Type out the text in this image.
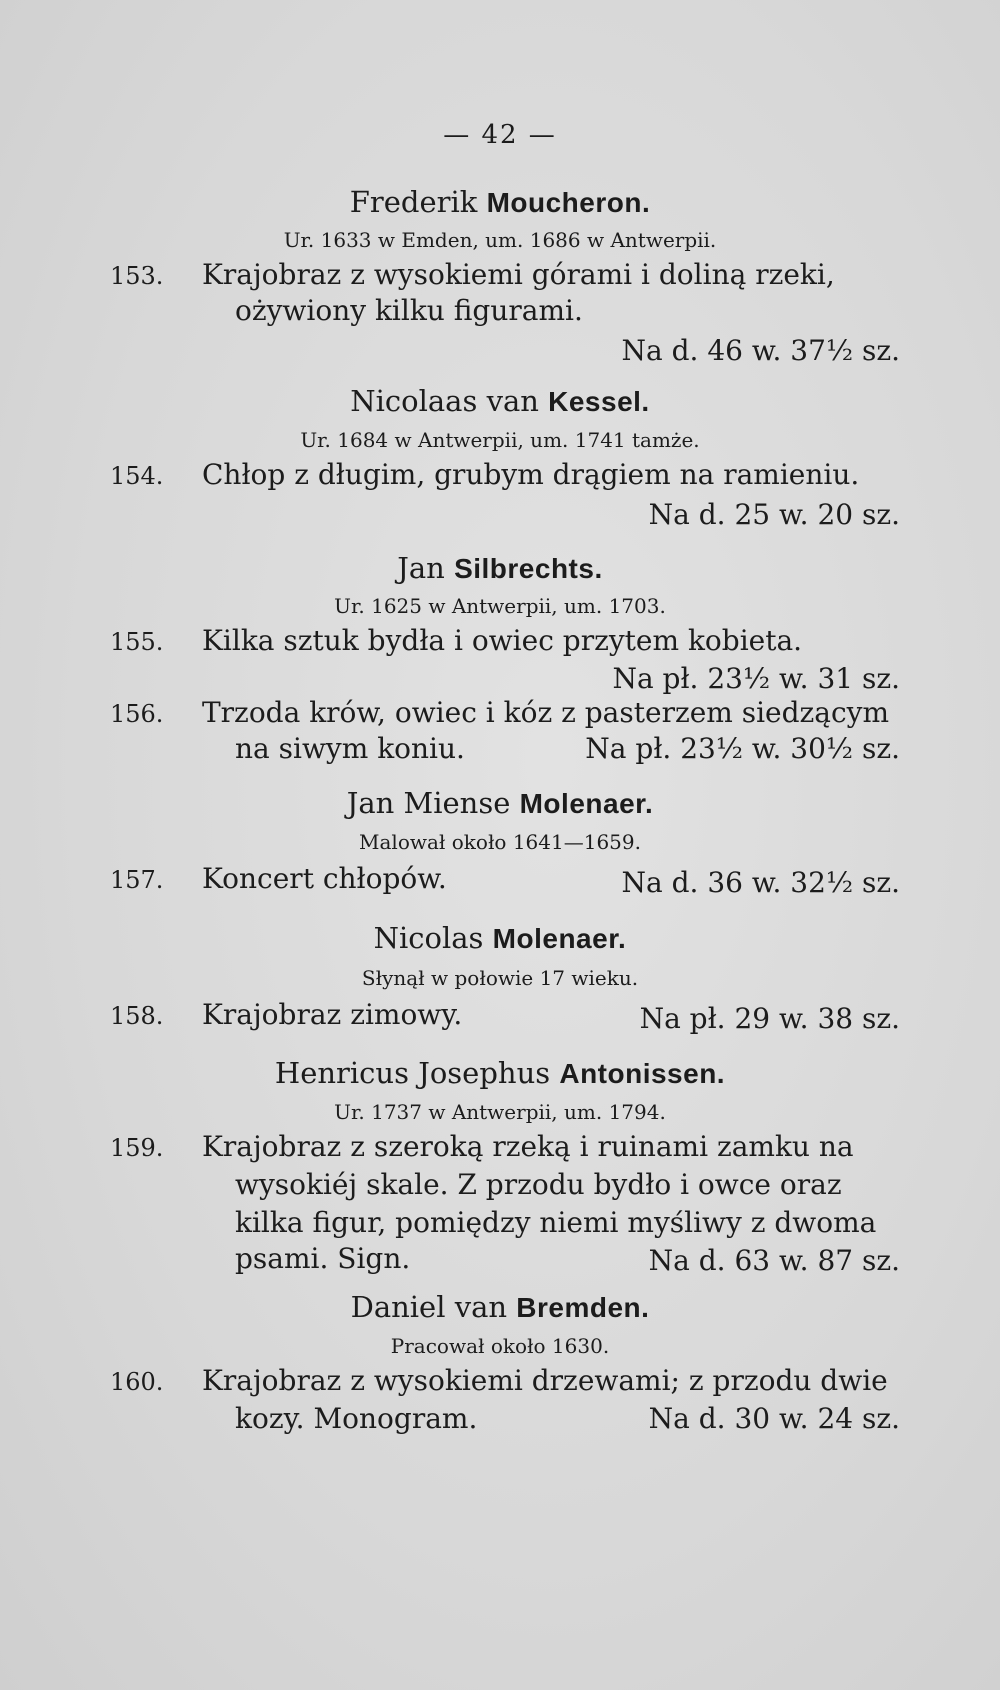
— 42 —
Frederik Moucheron.
Ur. 1633 w Emden, um. 1686 w Antwerpii.
153. Krajobraz z wysokiemi górami i doliną rzeki,
ożywiony kilku figurami.
Na d. 46 w. 37½ sz.
Nicolaas van Kessel.
Ur. 1684 w Antwerpii, um. 1741 tamże.
154. Chłop z długim, grubym drągiem na ramieniu.
Na d. 25 w. 20 sz.
Jan Silbrechts.
Ur. 1625 w Antwerpii, um. 1703.
155. Kilka sztuk bydła i owiec przytem kobieta.
Na pł. 23½ w. 31 sz.
156. Trzoda krów, owiec i kóz z pasterzem siedzącym
na siwym koniu.	Na pł. 23½ w. 30½ sz.
Jan Miense Molenaer.
Malował około 1641—1659.
157. Koncert chłopów.	Na d. 36 w. 32½ sz.
Nicolas Molenaer.
Słynął w połowie 17 wieku.
158. Krajobraz zimowy.	Na pł. 29 w. 38 sz.
Henricus Josephus Antonissen.
Ur. 1737 w Antwerpii, um. 1794.
159. Krajobraz z szeroką rzeką i ruinami zamku na
wysokiéj skale. Z przodu bydło i owce oraz
kilka figur, pomiędzy niemi myśliwy z dwoma
psami. Sign.	Na d. 63 w. 87 sz.
Daniel van Bremden.
Pracował około 1630.
160. Krajobraz z wysokiemi drzewami; z przodu dwie
kozy. Monogram.	Na d. 30 w. 24 sz.
